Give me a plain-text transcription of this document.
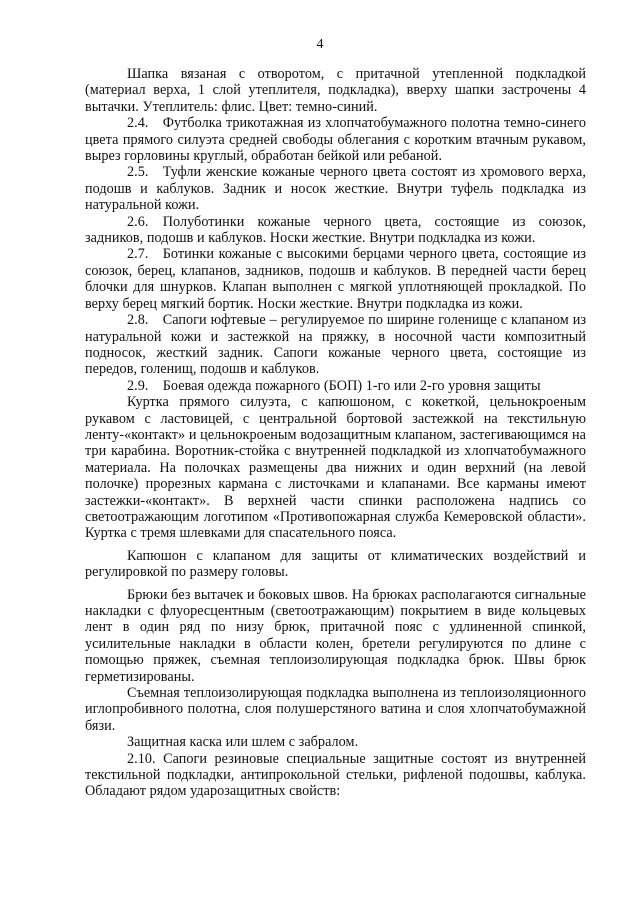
4

Шапка вязаная с отворотом, с притачной утепленной подкладкой (материал верха, 1 слой утеплителя, подкладка), вверху шапки застрочены 4 вытачки. Утеплитель: флис. Цвет: темно-синий.

2.4. Футболка трикотажная из хлопчатобумажного полотна темно-синего цвета прямого силуэта средней свободы облегания с коротким втачным рукавом, вырез горловины круглый, обработан бейкой или ребаной.

2.5. Туфли женские кожаные черного цвета состоят из хромового верха, подошв и каблуков. Задник и носок жесткие. Внутри туфель подкладка из натуральной кожи.

2.6. Полуботинки кожаные черного цвета, состоящие из союзок, задников, подошв и каблуков. Носки жесткие. Внутри подкладка из кожи.

2.7. Ботинки кожаные с высокими берцами черного цвета, состоящие из союзок, берец, клапанов, задников, подошв и каблуков. В передней части берец блочки для шнурков. Клапан выполнен с мягкой уплотняющей прокладкой. По верху берец мягкий бортик. Носки жесткие. Внутри подкладка из кожи.

2.8. Сапоги юфтевые – регулируемое по ширине голенище с клапаном из натуральной кожи и застежкой на пряжку, в носочной части композитный подносок, жесткий задник. Сапоги кожаные черного цвета, состоящие из передов, голенищ, подошв и каблуков.

2.9. Боевая одежда пожарного (БОП) 1-го или 2-го уровня защиты

Куртка прямого силуэта, с капюшоном, с кокеткой, цельнокроеным рукавом с ластовицей, с центральной бортовой застежкой на текстильную ленту-«контакт» и цельнокроеным водозащитным клапаном, застегивающимся на три карабина. Воротник-стойка с внутренней подкладкой из хлопчатобумажного материала. На полочках размещены два нижних и один верхний (на левой полочке) прорезных кармана с листочками и клапанами. Все карманы имеют застежки-«контакт». В верхней части спинки расположена надпись со светоотражающим логотипом «Противопожарная служба Кемеровской области». Куртка с тремя шлевками для спасательного пояса.

Капюшон с клапаном для защиты от климатических воздействий и регулировкой по размеру головы.

Брюки без вытачек и боковых швов. На брюках располагаются сигнальные накладки с флуоресцентным (светоотражающим) покрытием в виде кольцевых лент в один ряд по низу брюк, притачной пояс с удлиненной спинкой, усилительные накладки в области колен, бретели регулируются по длине с помощью пряжек, съемная теплоизолирующая подкладка брюк. Швы брюк герметизированы.

Съемная теплоизолирующая подкладка выполнена из теплоизоляционного иглопробивного полотна, слоя полушерстяного ватина и слоя хлопчатобумажной бязи.

Защитная каска или шлем с забралом.

2.10. Сапоги резиновые специальные защитные состоят из внутренней текстильной подкладки, антипрокольной стельки, рифленой подошвы, каблука. Обладают рядом ударозащитных свойств:
